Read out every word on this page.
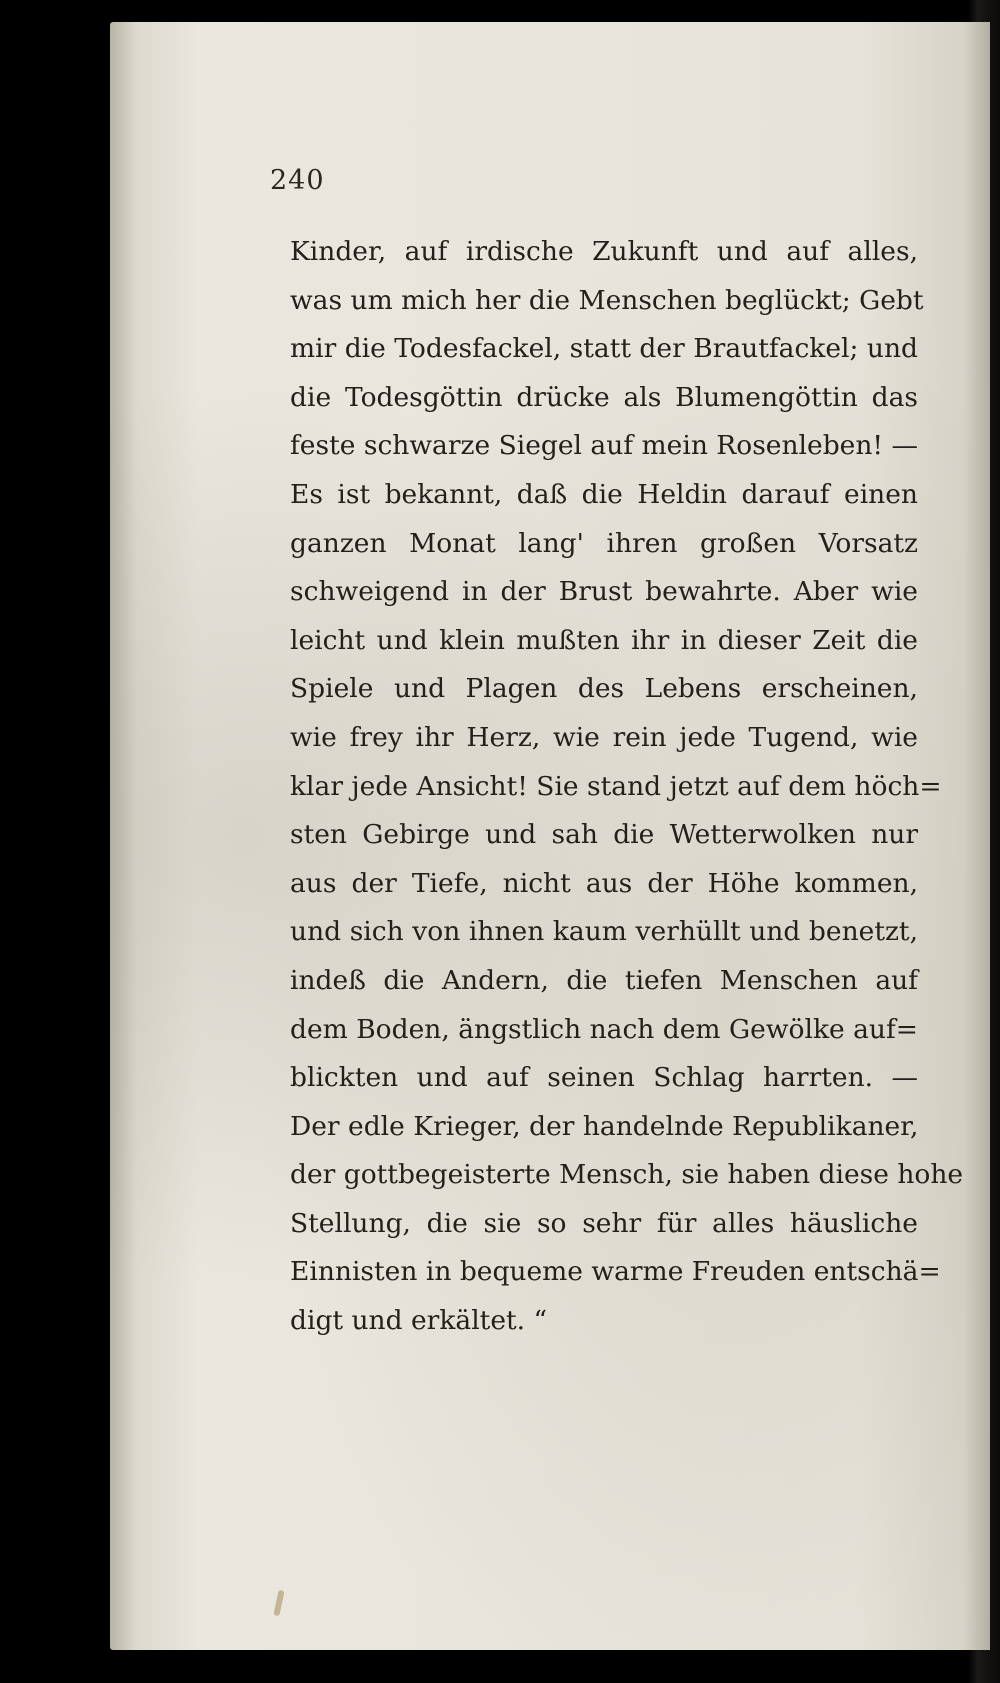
240
Kinder, auf irdische Zukunft und auf alles,
was um mich her die Menschen beglückt; Gebt
mir die Todesfackel, statt der Brautfackel; und
die Todesgöttin drücke als Blumengöttin das
feste schwarze Siegel auf mein Rosenleben! —
Es ist bekannt, daß die Heldin darauf einen
ganzen Monat lang' ihren großen Vorsatz
schweigend in der Brust bewahrte. Aber wie
leicht und klein mußten ihr in dieser Zeit die
Spiele und Plagen des Lebens erscheinen,
wie frey ihr Herz, wie rein jede Tugend, wie
klar jede Ansicht! Sie stand jetzt auf dem höch=
sten Gebirge und sah die Wetterwolken nur
aus der Tiefe, nicht aus der Höhe kommen,
und sich von ihnen kaum verhüllt und benetzt,
indeß die Andern, die tiefen Menschen auf
dem Boden, ängstlich nach dem Gewölke auf=
blickten und auf seinen Schlag harrten. —
Der edle Krieger, der handelnde Republikaner,
der gottbegeisterte Mensch, sie haben diese hohe
Stellung, die sie so sehr für alles häusliche
Einnisten in bequeme warme Freuden entschä=
digt und erkältet. “
